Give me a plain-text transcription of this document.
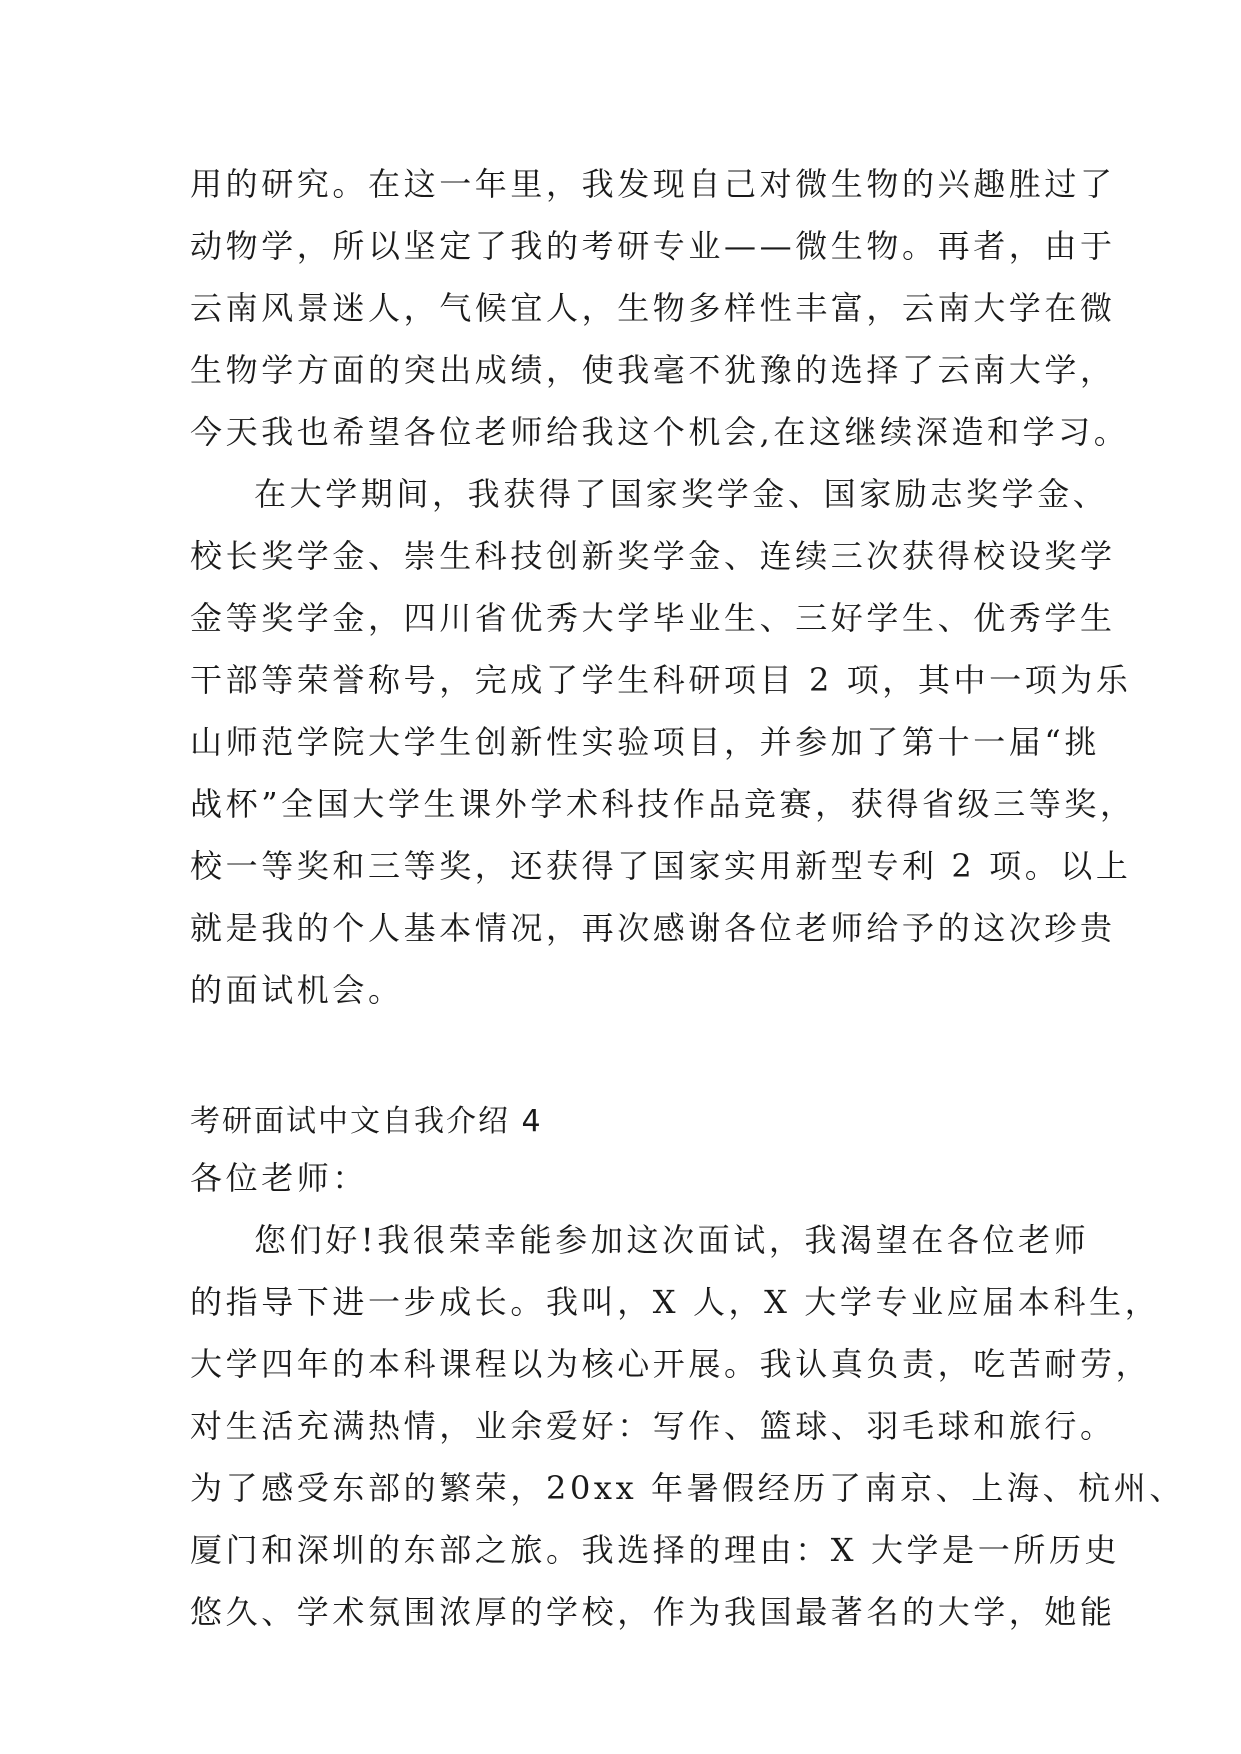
用的研究。在这一年里，我发现自己对微生物的兴趣胜过了
动物学，所以坚定了我的考研专业——微生物。再者，由于
云南风景迷人，气候宜人，生物多样性丰富，云南大学在微
生物学方面的突出成绩，使我毫不犹豫的选择了云南大学，
今天我也希望各位老师给我这个机会,在这继续深造和学习。
在大学期间，我获得了国家奖学金、国家励志奖学金、
校长奖学金、崇生科技创新奖学金、连续三次获得校设奖学
金等奖学金，四川省优秀大学毕业生、三好学生、优秀学生
干部等荣誉称号，完成了学生科研项目 2 项，其中一项为乐
山师范学院大学生创新性实验项目，并参加了第十一届“挑
战杯”全国大学生课外学术科技作品竞赛，获得省级三等奖，
校一等奖和三等奖，还获得了国家实用新型专利 2 项。以上
就是我的个人基本情况，再次感谢各位老师给予的这次珍贵
的面试机会。
考研面试中文自我介绍 4
各位老师：
您们好!我很荣幸能参加这次面试，我渴望在各位老师
的指导下进一步成长。我叫，X 人，X 大学专业应届本科生，
大学四年的本科课程以为核心开展。我认真负责，吃苦耐劳，
对生活充满热情，业余爱好：写作、篮球、羽毛球和旅行。
为了感受东部的繁荣，20xx 年暑假经历了南京、上海、杭州、
厦门和深圳的东部之旅。我选择的理由：X 大学是一所历史
悠久、学术氛围浓厚的学校，作为我国最著名的大学，她能
